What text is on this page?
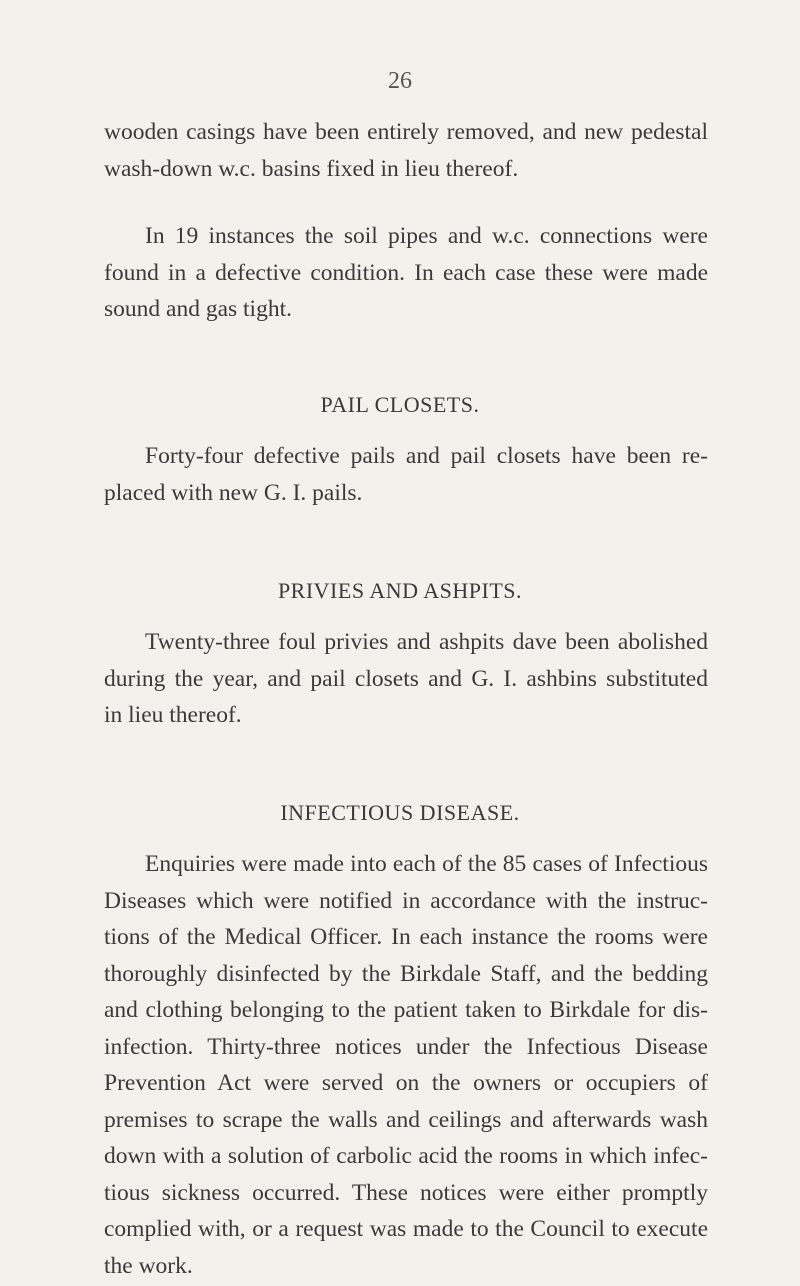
26
wooden casings have been entirely removed, and new pedestal
wash-down w.c. basins fixed in lieu thereof.
In 19 instances the soil pipes and w.c. connections were
found in a defective condition. In each case these were made
sound and gas tight.
PAIL CLOSETS.
Forty-four defective pails and pail closets have been re-
placed with new G. I. pails.
PRIVIES AND ASHPITS.
Twenty-three foul privies and ashpits dave been abolished
during the year, and pail closets and G. I. ashbins substituted
in lieu thereof.
INFECTIOUS DISEASE.
Enquiries were made into each of the 85 cases of Infectious
Diseases which were notified in accordance with the instruc-
tions of the Medical Officer. In each instance the rooms were
thoroughly disinfected by the Birkdale Staff, and the bedding
and clothing belonging to the patient taken to Birkdale for dis-
infection. Thirty-three notices under the Infectious Disease
Prevention Act were served on the owners or occupiers of
premises to scrape the walls and ceilings and afterwards wash
down with a solution of carbolic acid the rooms in which infec-
tious sickness occurred. These notices were either promptly
complied with, or a request was made to the Council to execute
the work.
